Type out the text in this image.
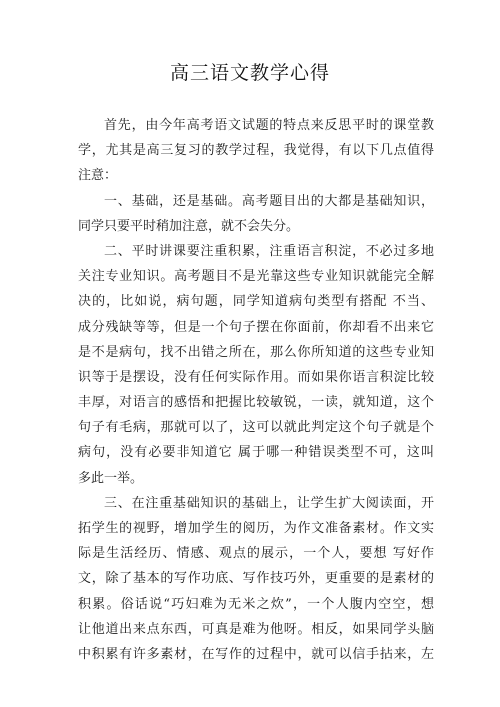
高三语文教学心得
首先，由今年高考语文试题的特点来反思平时的课堂教
学，尤其是高三复习的教学过程，我觉得，有以下几点值得
注意：
一、基础，还是基础。高考题目出的大都是基础知识，
同学只要平时稍加注意，就不会失分。
二、平时讲课要注重积累，注重语言积淀，不必过多地
关注专业知识。高考题目不是光靠这些专业知识就能完全解
决的，比如说，病句题，同学知道病句类型有搭配 不当、
成分残缺等等，但是一个句子摆在你面前，你却看不出来它
是不是病句，找不出错之所在，那么你所知道的这些专业知
识等于是摆设，没有任何实际作用。而如果你语言积淀比较
丰厚，对语言的感悟和把握比较敏锐，一读，就知道，这个
句子有毛病，那就可以了，这可以就此判定这个句子就是个
病句，没有必要非知道它 属于哪一种错误类型不可，这叫
多此一举。
三、在注重基础知识的基础上，让学生扩大阅读面，开
拓学生的视野，增加学生的阅历，为作文准备素材。作文实
际是生活经历、情感、观点的展示，一个人，要想 写好作
文，除了基本的写作功底、写作技巧外，更重要的是素材的
积累。俗话说“巧妇难为无米之炊”，一个人腹内空空，想
让他道出来点东西，可真是难为他呀。相反，如果同学头脑
中积累有许多素材，在写作的过程中，就可以信手拈来，左
